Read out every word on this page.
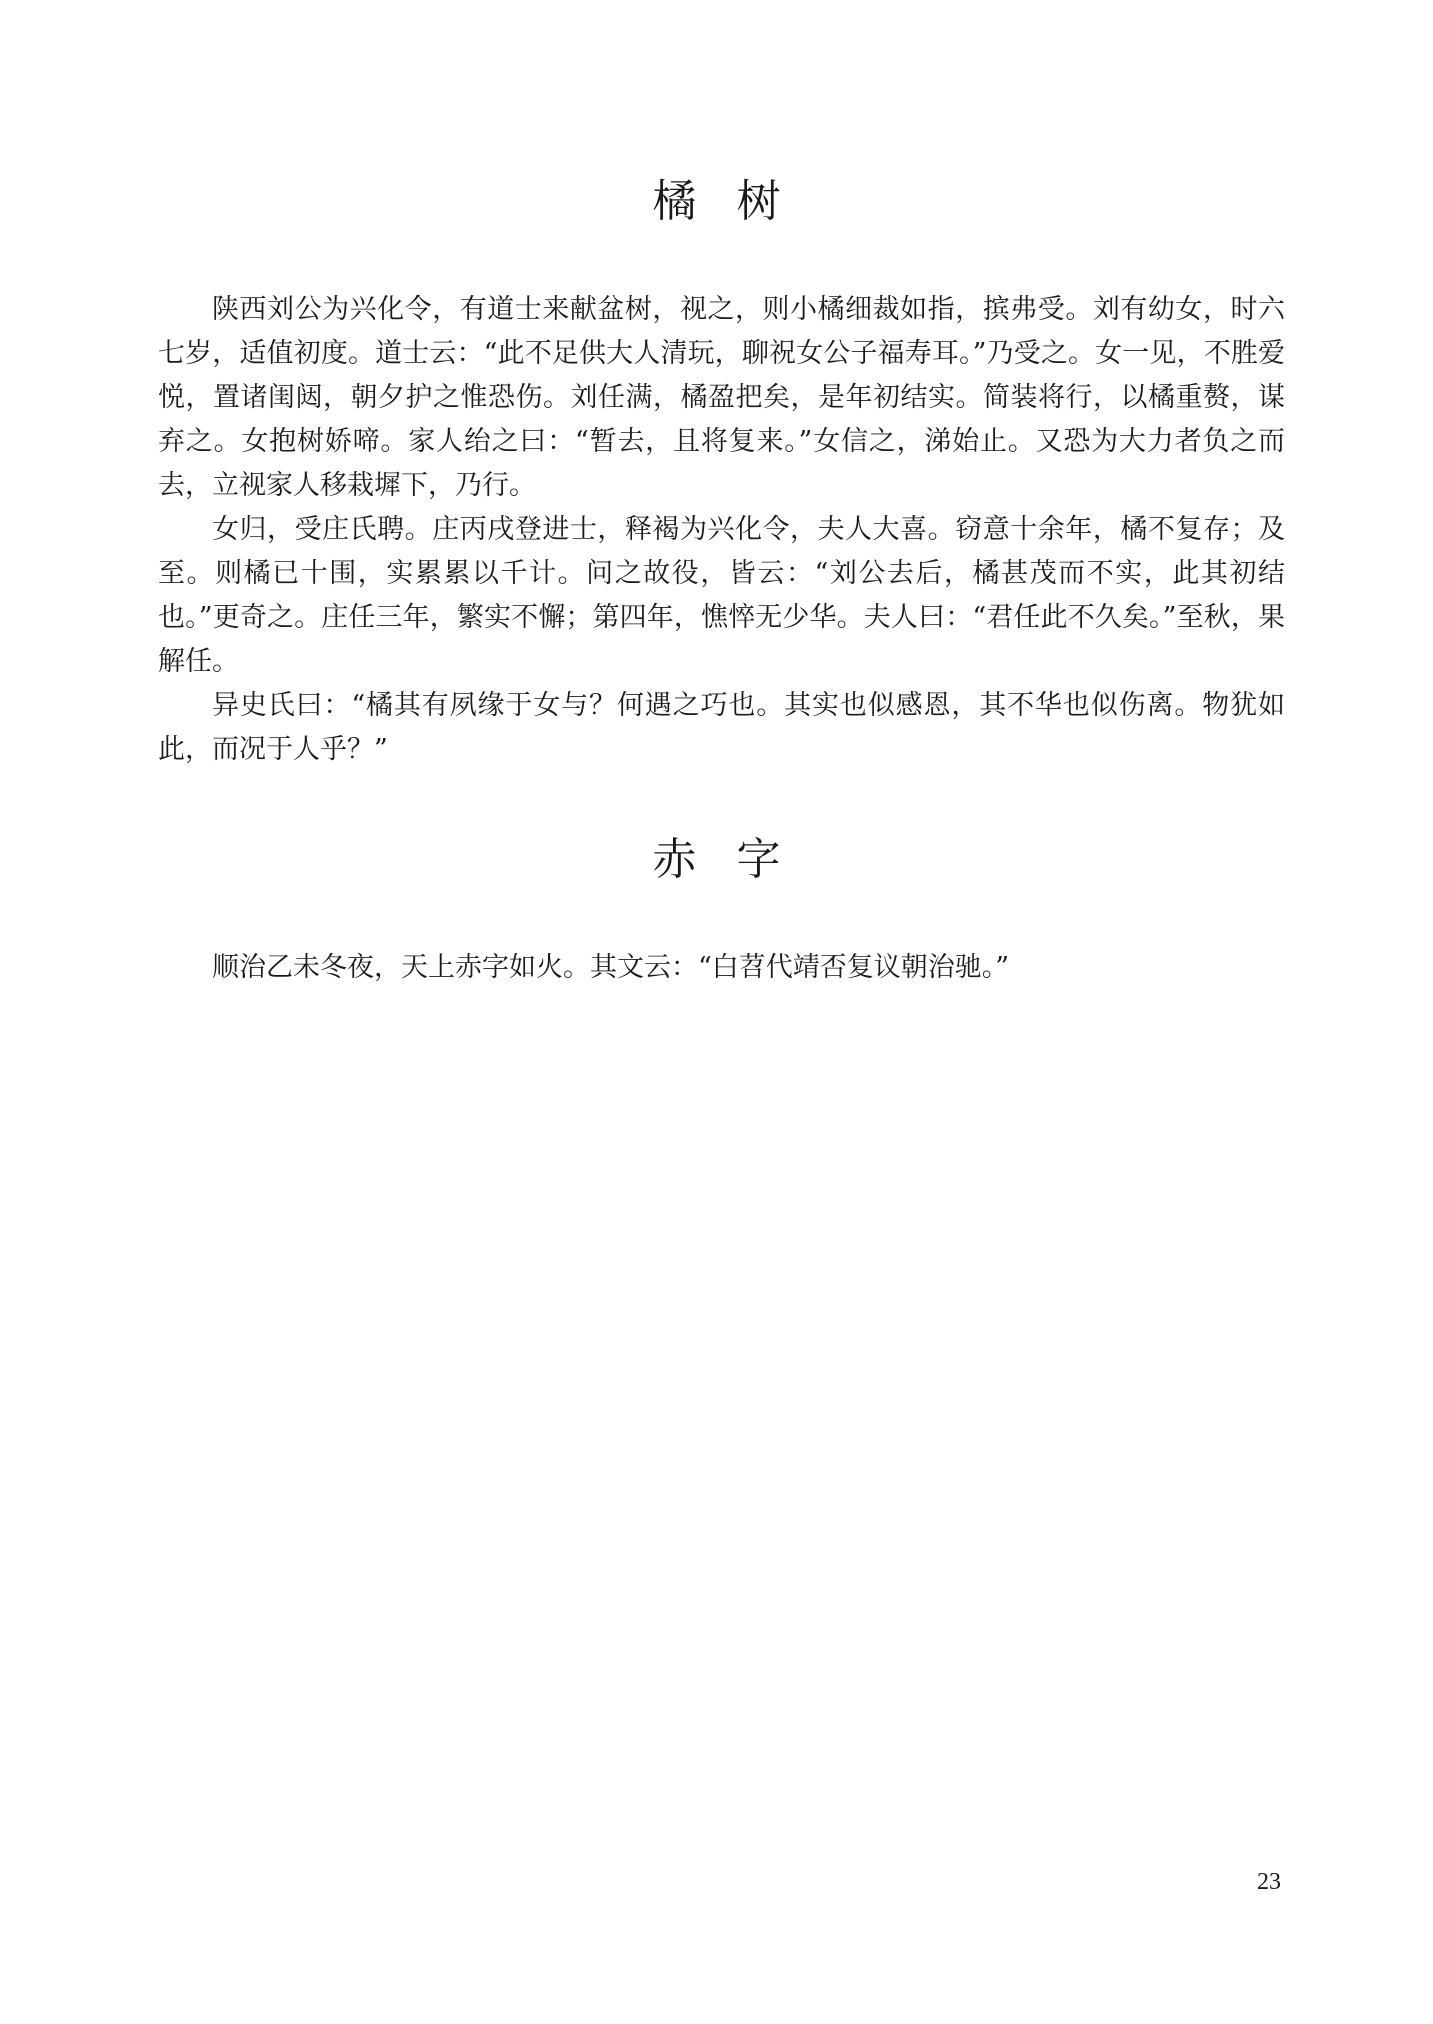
橘树

陕西刘公为兴化令，有道士来献盆树，视之，则小橘细裁如指，摈弗受。刘有幼女，时六七岁，适值初度。道士云：“此不足供大人清玩，聊祝女公子福寿耳。”乃受之。女一见，不胜爱悦，置诸闺闼，朝夕护之惟恐伤。刘任满，橘盈把矣，是年初结实。简装将行，以橘重赘，谋弃之。女抱树娇啼。家人绐之曰：“暂去，且将复来。”女信之，涕始止。又恐为大力者负之而去，立视家人移栽墀下，乃行。

女归，受庄氏聘。庄丙戌登进士，释褐为兴化令，夫人大喜。窃意十余年，橘不复存；及至。则橘已十围，实累累以千计。问之故役，皆云：“刘公去后，橘甚茂而不实，此其初结也。”更奇之。庄任三年，繁实不懈；第四年，憔悴无少华。夫人曰：“君任此不久矣。”至秋，果解任。

异史氏曰：“橘其有夙缘于女与？何遇之巧也。其实也似感恩，其不华也似伤离。物犹如此，而况于人乎？”

赤字

顺治乙未冬夜，天上赤字如火。其文云：“白苕代靖否复议朝治驰。”

23
